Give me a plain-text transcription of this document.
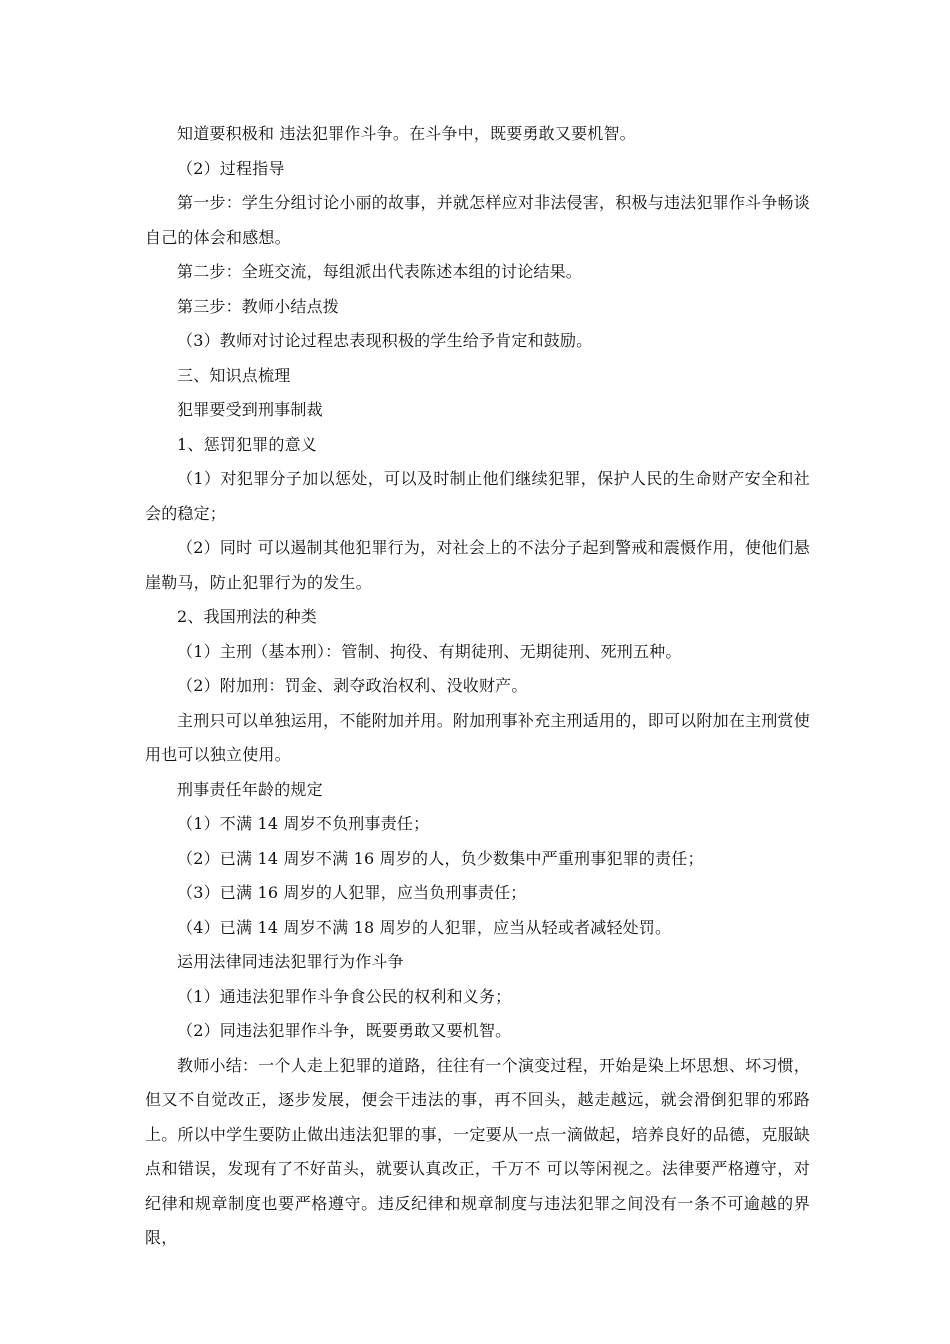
知道要积极和 违法犯罪作斗争。在斗争中，既要勇敢又要机智。

（2）过程指导

第一步：学生分组讨论小丽的故事，并就怎样应对非法侵害，积极与违法犯罪作斗争畅谈自己的体会和感想。

第二步：全班交流，每组派出代表陈述本组的讨论结果。

第三步：教师小结点拨

（3）教师对讨论过程忠表现积极的学生给予肯定和鼓励。

三、知识点梳理

犯罪要受到刑事制裁

1、惩罚犯罪的意义

（1）对犯罪分子加以惩处，可以及时制止他们继续犯罪，保护人民的生命财产安全和社会的稳定；

（2）同时 可以遏制其他犯罪行为，对社会上的不法分子起到警戒和震慑作用，使他们悬崖勒马，防止犯罪行为的发生。

2、我国刑法的种类

（1）主刑（基本刑）：管制、拘役、有期徒刑、无期徒刑、死刑五种。

（2）附加刑：罚金、剥夺政治权利、没收财产。

主刑只可以单独运用，不能附加并用。附加刑事补充主刑适用的，即可以附加在主刑赏使用也可以独立使用。

刑事责任年龄的规定

（1）不满 14 周岁不负刑事责任；

（2）已满 14 周岁不满 16 周岁的人，负少数集中严重刑事犯罪的责任；

（3）已满 16 周岁的人犯罪，应当负刑事责任；

（4）已满 14 周岁不满 18 周岁的人犯罪，应当从轻或者减轻处罚。

运用法律同违法犯罪行为作斗争

（1）通违法犯罪作斗争食公民的权利和义务；

（2）同违法犯罪作斗争，既要勇敢又要机智。

教师小结：一个人走上犯罪的道路，往往有一个演变过程，开始是染上坏思想、坏习惯，但又不自觉改正，逐步发展，便会干违法的事，再不回头，越走越远，就会滑倒犯罪的邪路上。所以中学生要防止做出违法犯罪的事，一定要从一点一滴做起，培养良好的品德，克服缺点和错误，发现有了不好苗头，就要认真改正，千万不 可以等闲视之。法律要严格遵守，对纪律和规章制度也要严格遵守。违反纪律和规章制度与违法犯罪之间没有一条不可逾越的界限，
